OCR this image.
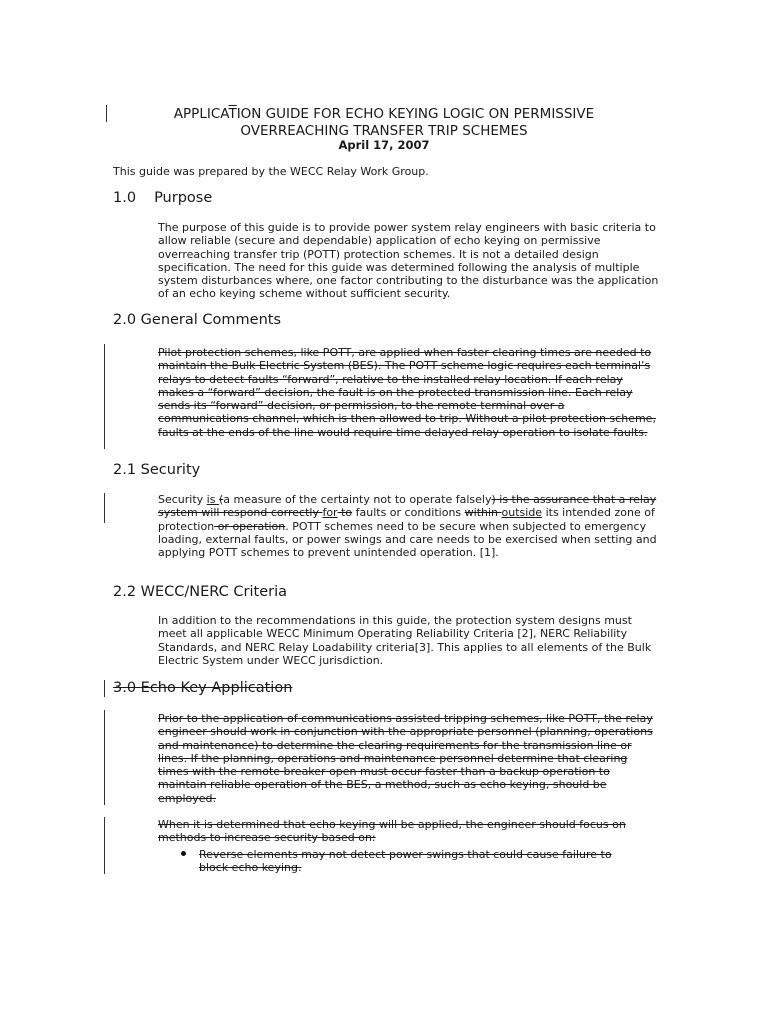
$APPLICA\overline{T}ION$ GUIDE FOR ECHO KEYING LOGIC ON PERMISSIVE
OVERREACHING TRANSFER TRIP SCHEMES
April 17, 2007
This guide was prepared by the WECC Relay Work Group.
1.0 Purpose
The purpose of this guide is to provide power system relay engineers with basic criteria to allow reliable (secure and dependable) application of echo keying on permissive overreaching transfer trip (POTT) protection schemes. It is not a detailed design specification. The need for this guide was determined following the analysis of multiple system disturbances where, one factor contributing to the disturbance was the application of an echo keying scheme without sufficient security.
2.0 General Comments
Pilot protection schemes, like POTT, are applied when faster clearing times are needed to maintain the Bulk Electric System (BES). The POTT scheme logic requires each terminal’s relays to detect faults “forward”, relative to the installed relay location. If each relay makes a “forward” decision, the fault is on the protected transmission line. Each relay sends its “forward” decision, or permission, to the remote terminal over a communications channel, which is then allowed to trip. Without a pilot protection scheme, faults at the ends of the line would require time delayed relay operation to isolate faults.
2.1 Security
Security is (a measure of the certainty not to operate falsely) is the assurance that a relay system will respond correctly for to faults or conditions within outside its intended zone of protection or operation. POTT schemes need to be secure when subjected to emergency loading, external faults, or power swings and care needs to be exercised when setting and applying POTT schemes to prevent unintended operation. [1].
2.2 WECC/NERC Criteria
In addition to the recommendations in this guide, the protection system designs must meet all applicable WECC Minimum Operating Reliability Criteria [2], NERC Reliability Standards, and NERC Relay Loadability criteria[3]. This applies to all elements of the Bulk Electric System under WECC jurisdiction.
3.0 Echo Key Application
Prior to the application of communications assisted tripping schemes, like POTT, the relay engineer should work in conjunction with the appropriate personnel (planning, operations and maintenance) to determine the clearing requirements for the transmission line or lines. If the planning, operations and maintenance personnel determine that clearing times with the remote breaker open must occur faster than a backup operation to maintain reliable operation of the BES, a method, such as echo keying, should be employed.
When it is determined that echo keying will be applied, the engineer should focus on methods to increase security based on:
Reverse elements may not detect power swings that could cause failure to block echo keying.
